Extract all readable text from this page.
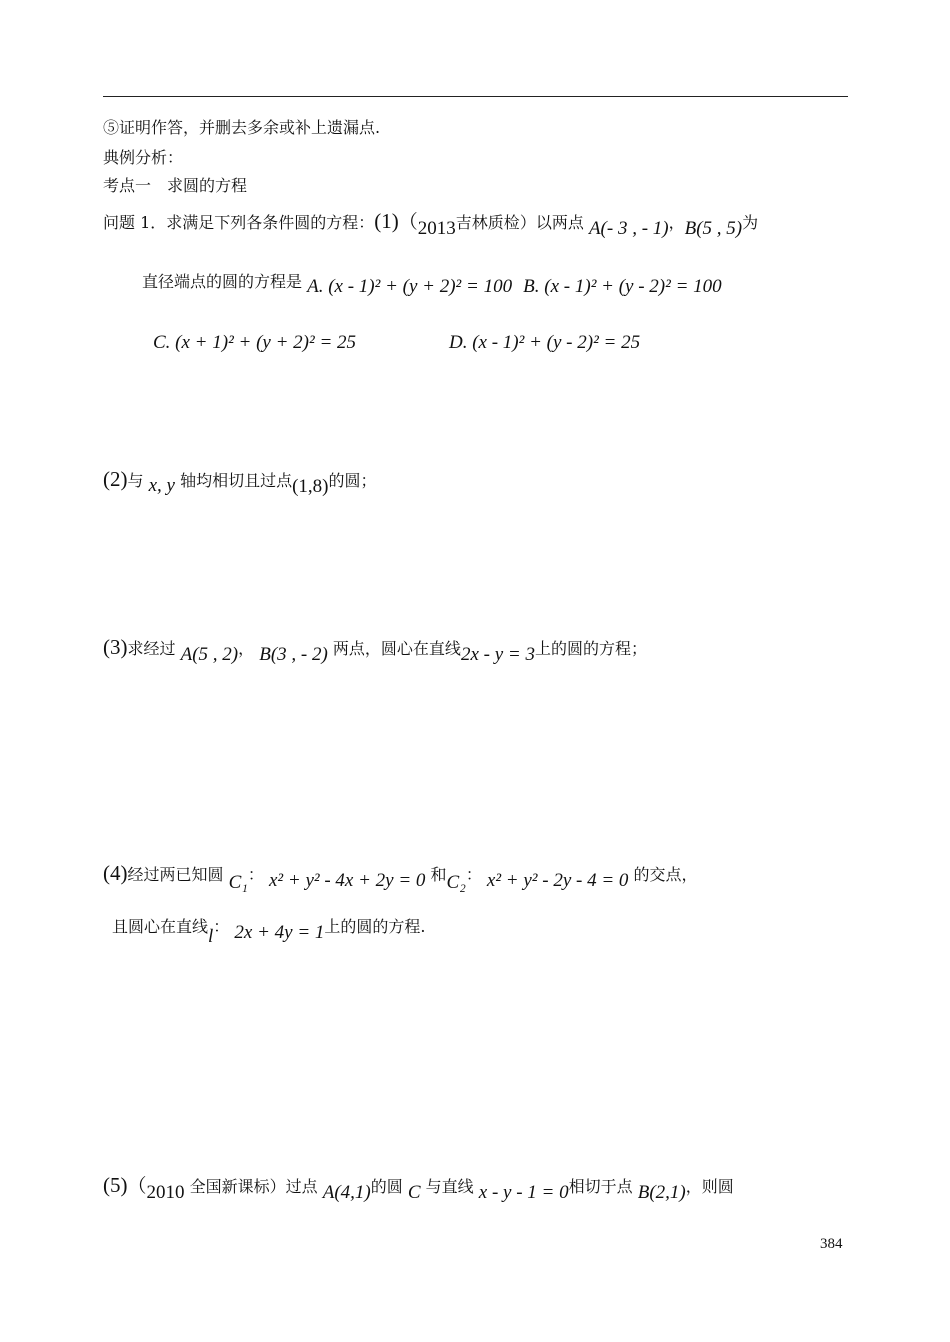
⑤证明作答，并删去多余或补上遗漏点.
典例分析：
考点一　求圆的方程
问题 1．求满足下列各条件圆的方程：(1)（2013吉林质检）以两点 A(- 3 , - 1)，B(5 , 5)为
直径端点的圆的方程是 A. (x - 1)² + (y + 2)² = 100 B. (x - 1)² + (y - 2)² = 100
C. (x + 1)² + (y + 2)² = 25	D. (x - 1)² + (y - 2)² = 25
(2)与 x, y 轴均相切且过点(1,8)的圆；
(3)求经过 A(5 , 2)， B(3 , - 2) 两点，圆心在直线2x - y = 3上的圆的方程；
(4)经过两已知圆 C₁： x² + y² - 4x + 2y = 0 和C₂： x² + y² - 2y - 4 = 0 的交点，
且圆心在直线l： 2x + 4y = 1上的圆的方程.
(5)（2010 全国新课标）过点 A(4,1)的圆 C 与直线 x - y - 1 = 0相切于点 B(2,1)，则圆
384
